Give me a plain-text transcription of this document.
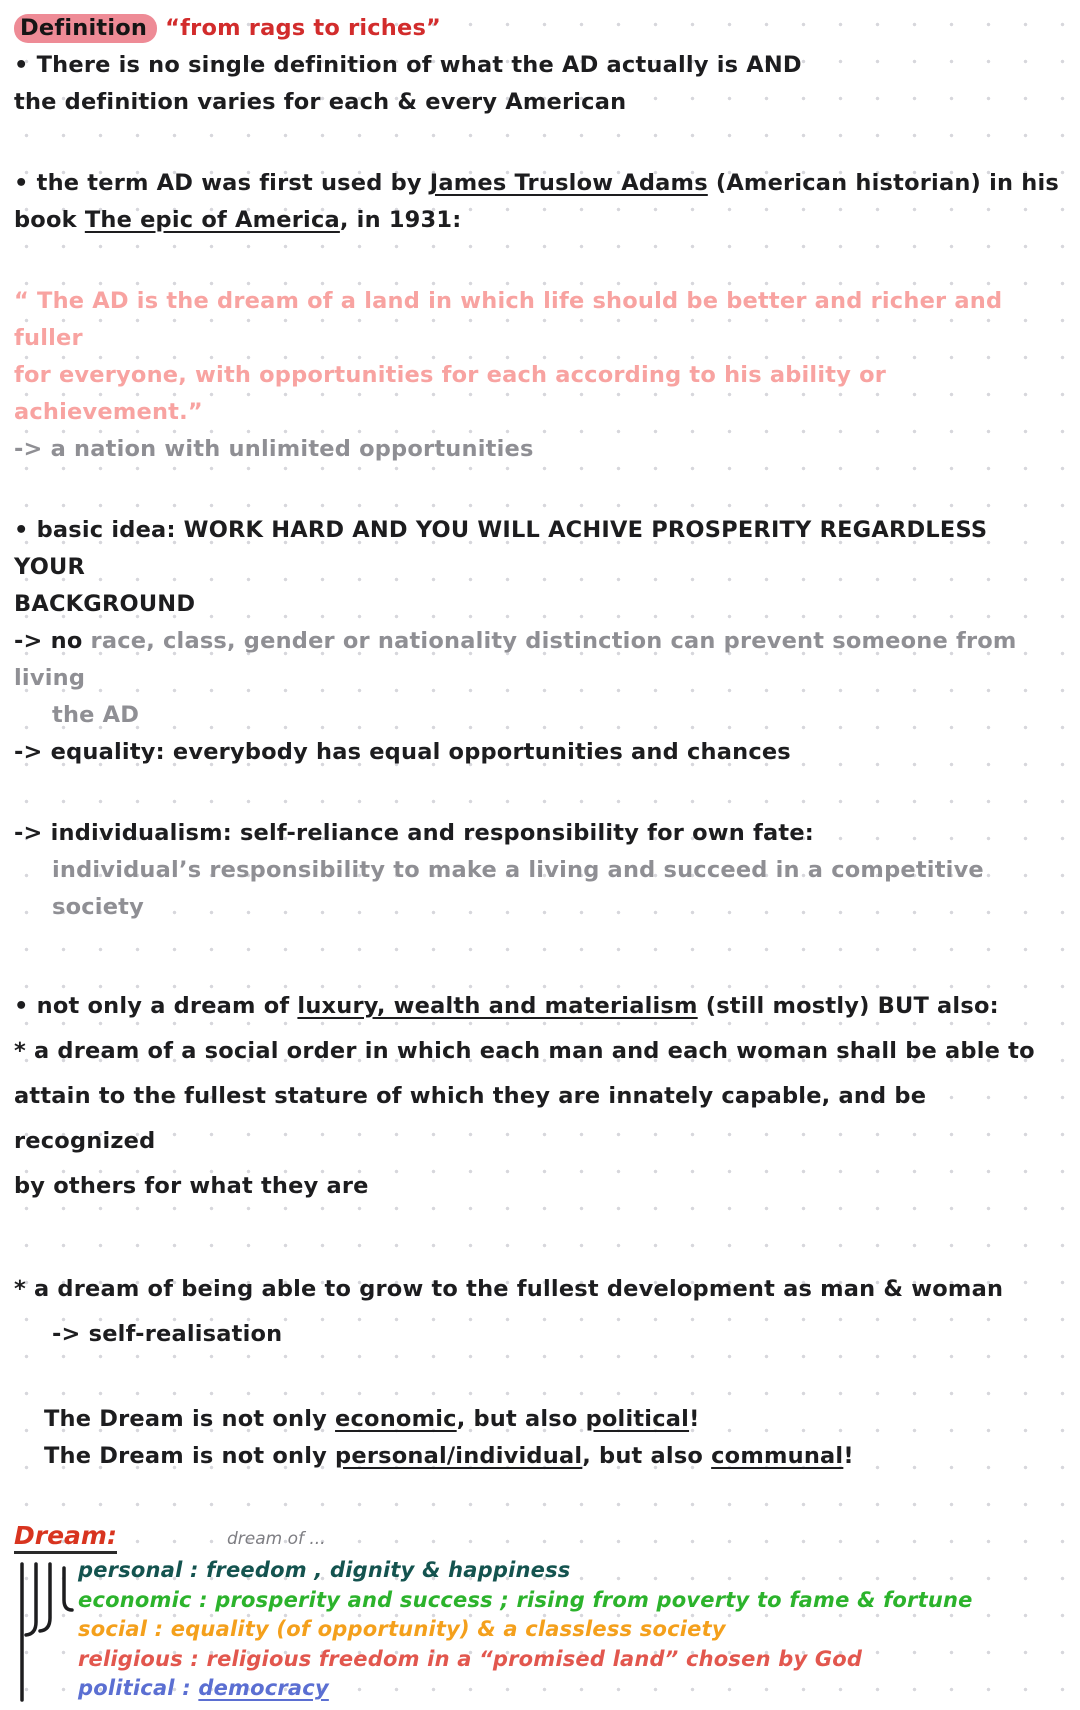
Definition “from rags to riches”

• There is no single definition of what the AD actually is AND

the definition varies for each & every American

• the term AD was first used by James Truslow Adams (American historian) in his

book The epic of America, in 1931:

“ The AD is the dream of a land in which life should be better and richer and fuller

for everyone, with opportunities for each according to his ability or achievement.”

-> a nation with unlimited opportunities

• basic idea: WORK HARD AND YOU WILL ACHIVE PROSPERITY REGARDLESS YOUR

BACKGROUND

-> no race, class, gender or nationality distinction can prevent someone from living

the AD

-> equality: everybody has equal opportunities and chances

-> individualism: self-reliance and responsibility for own fate:

individual’s responsibility to make a living and succeed in a competitive society

• not only a dream of luxury, wealth and materialism (still mostly) BUT also:

* a dream of a social order in which each man and each woman shall be able to

attain to the fullest stature of which they are innately capable, and be recognized

by others for what they are

* a dream of being able to grow to the fullest development as man & woman

-> self-realisation

The Dream is not only economic, but also political!

The Dream is not only personal/individual, but also communal!

Dream:	dream of ...

personal : freedom , dignity & happiness

economic : prosperity and success ; rising from poverty to fame & fortune

social : equality (of opportunity) & a classless society

religious : religious freedom in a “promised land” chosen by God

political : democracy
